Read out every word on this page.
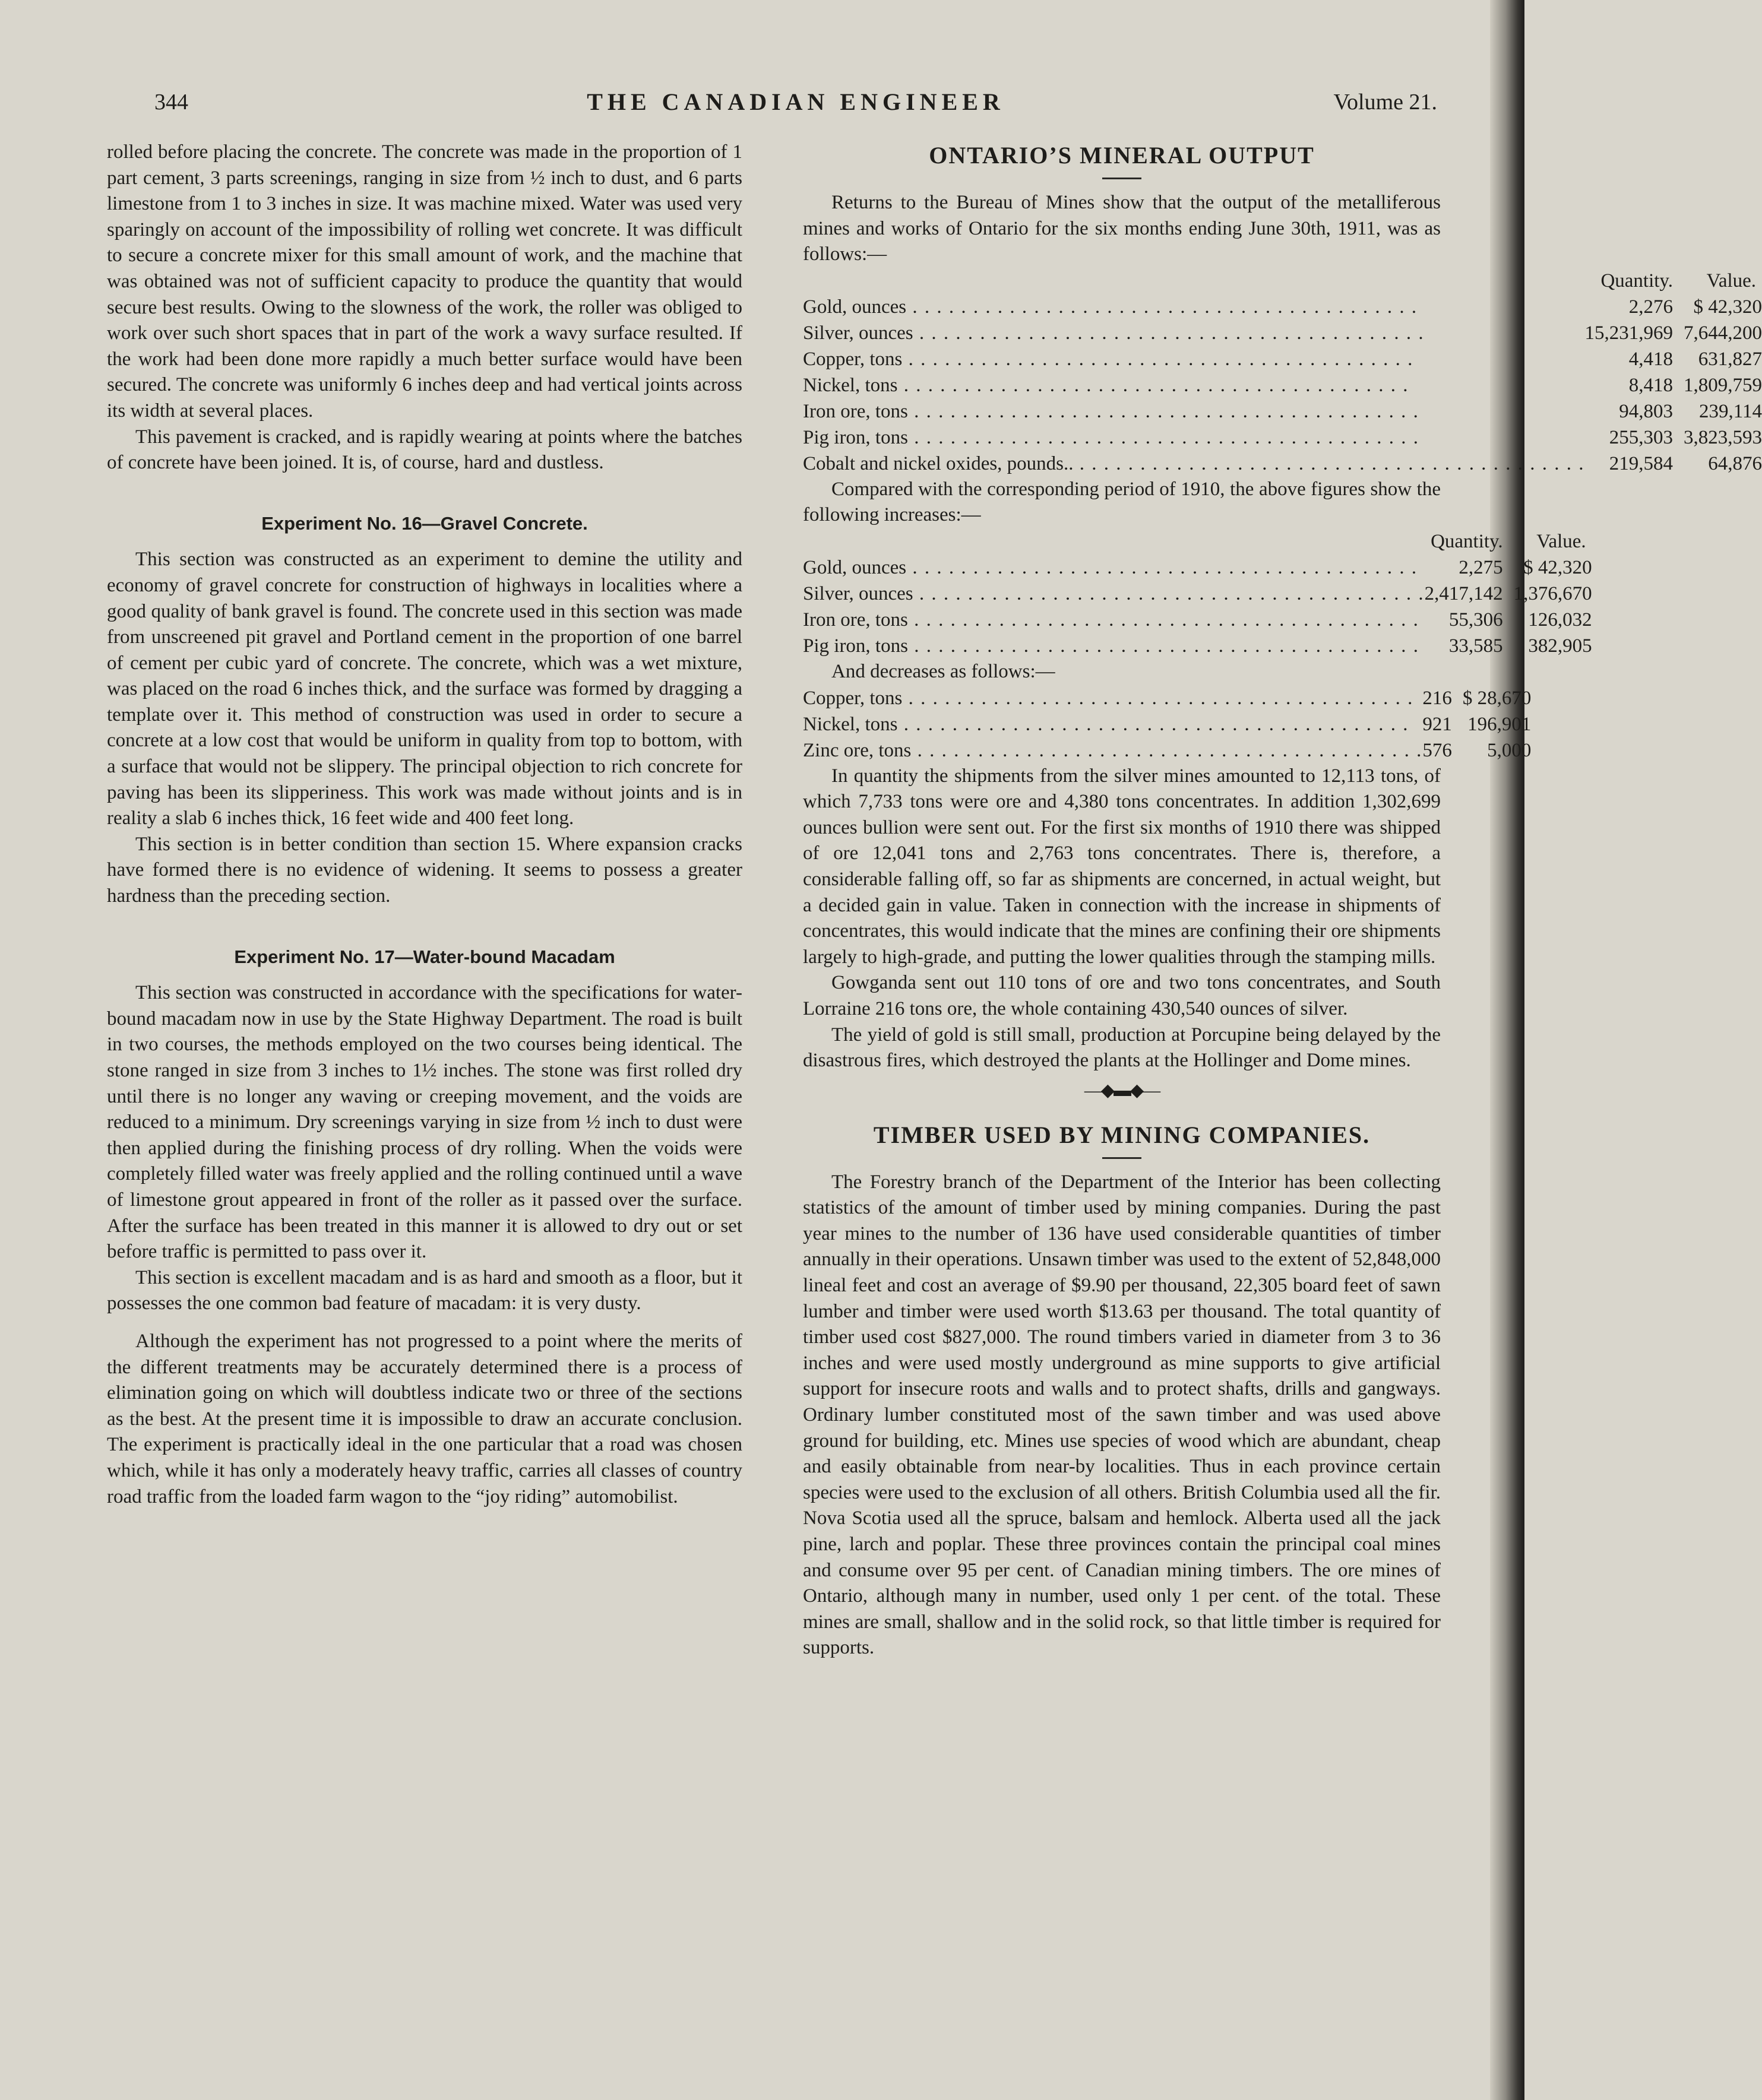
344	THE CANADIAN ENGINEER	Volume 21.

rolled before placing the concrete. The concrete was made in the proportion of 1 part cement, 3 parts screenings, ranging in size from ½ inch to dust, and 6 parts limestone from 1 to 3 inches in size. It was machine mixed. Water was used very sparingly on account of the impossibility of rolling wet concrete. It was difficult to secure a concrete mixer for this small amount of work, and the machine that was obtained was not of sufficient capacity to produce the quantity that would secure best results. Owing to the slowness of the work, the roller was obliged to work over such short spaces that in part of the work a wavy surface resulted. If the work had been done more rapidly a much better surface would have been secured. The concrete was uniformly 6 inches deep and had vertical joints across its width at several places.

This pavement is cracked, and is rapidly wearing at points where the batches of concrete have been joined. It is, of course, hard and dustless.

Experiment No. 16—Gravel Concrete.

This section was constructed as an experiment to demine the utility and economy of gravel concrete for construction of highways in localities where a good quality of bank gravel is found. The concrete used in this section was made from unscreened pit gravel and Portland cement in the proportion of one barrel of cement per cubic yard of concrete. The concrete, which was a wet mixture, was placed on the road 6 inches thick, and the surface was formed by dragging a template over it. This method of construction was used in order to secure a concrete at a low cost that would be uniform in quality from top to bottom, with a surface that would not be slippery. The principal objection to rich concrete for paving has been its slipperiness. This work was made without joints and is in reality a slab 6 inches thick, 16 feet wide and 400 feet long.

This section is in better condition than section 15. Where expansion cracks have formed there is no evidence of widening. It seems to possess a greater hardness than the preceding section.

Experiment No. 17—Water-bound Macadam

This section was constructed in accordance with the specifications for water-bound macadam now in use by the State Highway Department. The road is built in two courses, the methods employed on the two courses being identical. The stone ranged in size from 3 inches to 1½ inches. The stone was first rolled dry until there is no longer any waving or creeping movement, and the voids are reduced to a minimum. Dry screenings varying in size from ½ inch to dust were then applied during the finishing process of dry rolling. When the voids were completely filled water was freely applied and the rolling continued until a wave of limestone grout appeared in front of the roller as it passed over the surface. After the surface has been treated in this manner it is allowed to dry out or set before traffic is permitted to pass over it.

This section is excellent macadam and is as hard and smooth as a floor, but it possesses the one common bad feature of macadam: it is very dusty.

Although the experiment has not progressed to a point where the merits of the different treatments may be accurately determined there is a process of elimination going on which will doubtless indicate two or three of the sections as the best. At the present time it is impossible to draw an accurate conclusion. The experiment is practically ideal in the one particular that a road was chosen which, while it has only a moderately heavy traffic, carries all classes of country road traffic from the loaded farm wagon to the “joy riding” automobilist.

ONTARIO’S MINERAL OUTPUT

Returns to the Bureau of Mines show that the output of the metalliferous mines and works of Ontario for the six months ending June 30th, 1911, was as follows:—

	Quantity.	Value.
Gold, ounces . . .	2,276	$ 42,320
Silver, ounces . . .	15,231,969	7,644,200
Copper, tons . . .	4,418	631,827
Nickel, tons . . .	8,418	1,809,759
Iron ore, tons . . .	94,803	239,114
Pig iron, tons . . .	255,303	3,823,593
Cobalt and nickel oxides, pounds.. . . .	219,584	64,876

Compared with the corresponding period of 1910, the above figures show the following increases:—

	Quantity.	Value.
Gold, ounces . . .	2,275	$ 42,320
Silver, ounces . . .	2,417,142	1,376,670
Iron ore, tons . . .	55,306	126,032
Pig iron, tons . . .	33,585	382,905

And decreases as follows:—

Copper, tons . . .	216	$ 28,670
Nickel, tons . . .	921	196,901
Zinc ore, tons . . .	576	5,000

In quantity the shipments from the silver mines amounted to 12,113 tons, of which 7,733 tons were ore and 4,380 tons concentrates. In addition 1,302,699 ounces bullion were sent out. For the first six months of 1910 there was shipped of ore 12,041 tons and 2,763 tons concentrates. There is, therefore, a considerable falling off, so far as shipments are concerned, in actual weight, but a decided gain in value. Taken in connection with the increase in shipments of concentrates, this would indicate that the mines are confining their ore shipments largely to high-grade, and putting the lower qualities through the stamping mills.

Gowganda sent out 110 tons of ore and two tons concentrates, and South Lorraine 216 tons ore, the whole containing 430,540 ounces of silver.

The yield of gold is still small, production at Porcupine being delayed by the disastrous fires, which destroyed the plants at the Hollinger and Dome mines.

—◆▬◆—
TIMBER USED BY MINING COMPANIES.

The Forestry branch of the Department of the Interior has been collecting statistics of the amount of timber used by mining companies. During the past year mines to the number of 136 have used considerable quantities of timber annually in their operations. Unsawn timber was used to the extent of 52,848,000 lineal feet and cost an average of $9.90 per thousand, 22,305 board feet of sawn lumber and timber were used worth $13.63 per thousand. The total quantity of timber used cost $827,000. The round timbers varied in diameter from 3 to 36 inches and were used mostly underground as mine supports to give artificial support for insecure roots and walls and to protect shafts, drills and gangways. Ordinary lumber constituted most of the sawn timber and was used above ground for building, etc. Mines use species of wood which are abundant, cheap and easily obtainable from near-by localities. Thus in each province certain species were used to the exclusion of all others. British Columbia used all the fir. Nova Scotia used all the spruce, balsam and hemlock. Alberta used all the jack pine, larch and poplar. These three provinces contain the principal coal mines and consume over 95 per cent. of Canadian mining timbers. The ore mines of Ontario, although many in number, used only 1 per cent. of the total. These mines are small, shallow and in the solid rock, so that little timber is required for supports.
